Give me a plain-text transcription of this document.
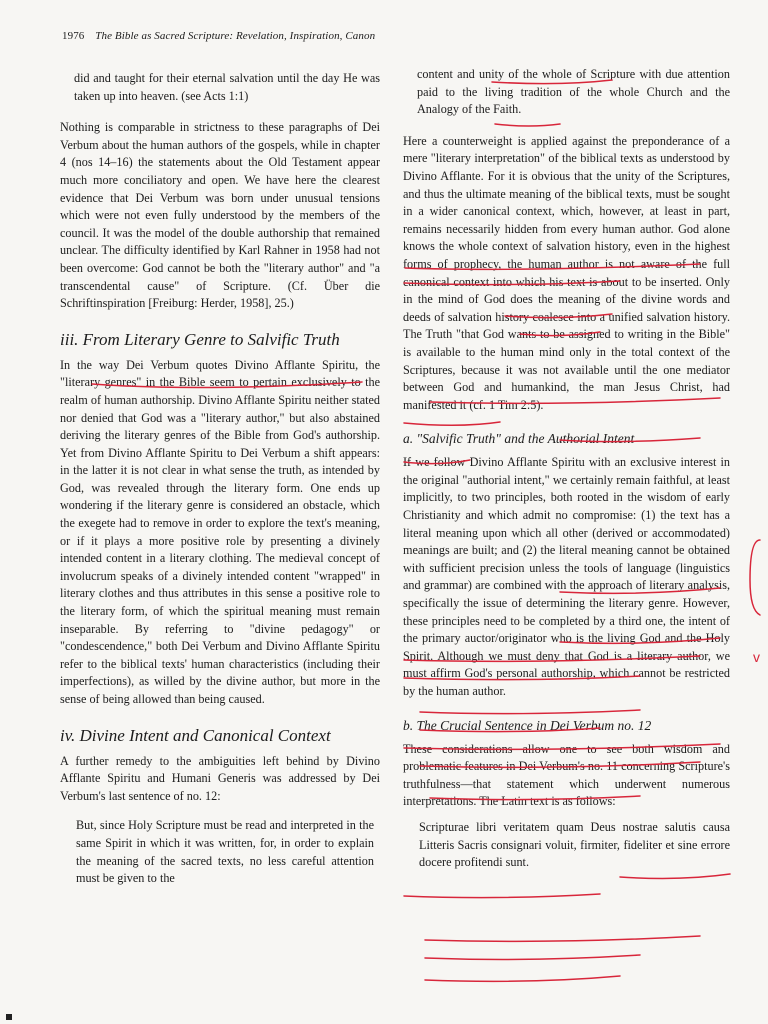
1976 The Bible as Sacred Scripture: Revelation, Inspiration, Canon

did and taught for their eternal salvation until the day He was taken up into heaven. (see Acts 1:1)

Nothing is comparable in strictness to these paragraphs of Dei Verbum about the human authors of the gospels, while in chapter 4 (nos 14–16) the statements about the Old Testament appear much more conciliatory and open. We have here the clearest evidence that Dei Verbum was born under unusual tensions which were not even fully understood by the members of the council. It was the model of the double authorship that remained unclear. The difficulty identified by Karl Rahner in 1958 had not been overcome: God cannot be both the "literary author" and "a transcendental cause" of Scripture. (Cf. Über die Schriftinspiration [Freiburg: Herder, 1958], 25.)

iii. From Literary Genre to Salvific Truth

In the way Dei Verbum quotes Divino Afflante Spiritu, the "literary genres" in the Bible seem to pertain exclusively to the realm of human authorship. Divino Afflante Spiritu neither stated nor denied that God was a "literary author," but also abstained deriving the literary genres of the Bible from God's authorship. Yet from Divino Afflante Spiritu to Dei Verbum a shift appears: in the latter it is not clear in what sense the truth, as intended by God, was revealed through the literary form. One ends up wondering if the literary genre is considered an obstacle, which the exegete had to remove in order to explore the text's meaning, or if it plays a more positive role by presenting a divinely intended content in a literary clothing. The medieval concept of involucrum speaks of a divinely intended content "wrapped" in literary clothes and thus attributes in this sense a positive role to the literary form, of which the spiritual meaning must remain inseparable. By referring to "divine pedagogy" or "condescendence," both Dei Verbum and Divino Afflante Spiritu refer to the biblical texts' human characteristics (including their imperfections), as willed by the divine author, but more in the sense of being allowed than being caused.

iv. Divine Intent and Canonical Context

A further remedy to the ambiguities left behind by Divino Afflante Spiritu and Humani Generis was addressed by Dei Verbum's last sentence of no. 12:

But, since Holy Scripture must be read and interpreted in the same Spirit in which it was written, for, in order to explain the meaning of the sacred texts, no less careful attention must be given to the

content and unity of the whole of Scripture with due attention paid to the living tradition of the whole Church and the Analogy of the Faith.

Here a counterweight is applied against the preponderance of a mere "literary interpretation" of the biblical texts as understood by Divino Afflante. For it is obvious that the unity of the Scriptures, and thus the ultimate meaning of the biblical texts, must be sought in a wider canonical context, which, however, at least in part, remains necessarily hidden from every human author. God alone knows the whole context of salvation history, even in the highest forms of prophecy, the human author is not aware of the full canonical context into which his text is about to be inserted. Only in the mind of God does the meaning of the divine words and deeds of salvation history coalesce into a unified salvation history. The Truth "that God wants to be assigned to writing in the Bible" is available to the human mind only in the total context of the Scriptures, because it was not available until the one mediator between God and humankind, the man Jesus Christ, had manifested it (cf. 1 Tim 2:5).

a. "Salvific Truth" and the Authorial Intent

If we follow Divino Afflante Spiritu with an exclusive interest in the original "authorial intent," we certainly remain faithful, at least implicitly, to two principles, both rooted in the wisdom of early Christianity and which admit no compromise: (1) the text has a literal meaning upon which all other (derived or accommodated) meanings are built; and (2) the literal meaning cannot be obtained with sufficient precision unless the tools of language (linguistics and grammar) are combined with the approach of literary analysis, specifically the issue of determining the literary genre. However, these principles need to be completed by a third one, the intent of the primary auctor/originator who is the living God and the Holy Spirit. Although we must deny that God is a literary author, we must affirm God's personal authorship, which cannot be restricted by the human author.

b. The Crucial Sentence in Dei Verbum no. 12

These considerations allow one to see both wisdom and problematic features in Dei Verbum's no. 11 concerning Scripture's truthfulness—that statement which underwent numerous interpretations. The Latin text is as follows:

Scripturae libri veritatem quam Deus nostrae salutis causa Litteris Sacris consignari voluit, firmiter, fideliter et sine errore docere profitendi sunt.

v
